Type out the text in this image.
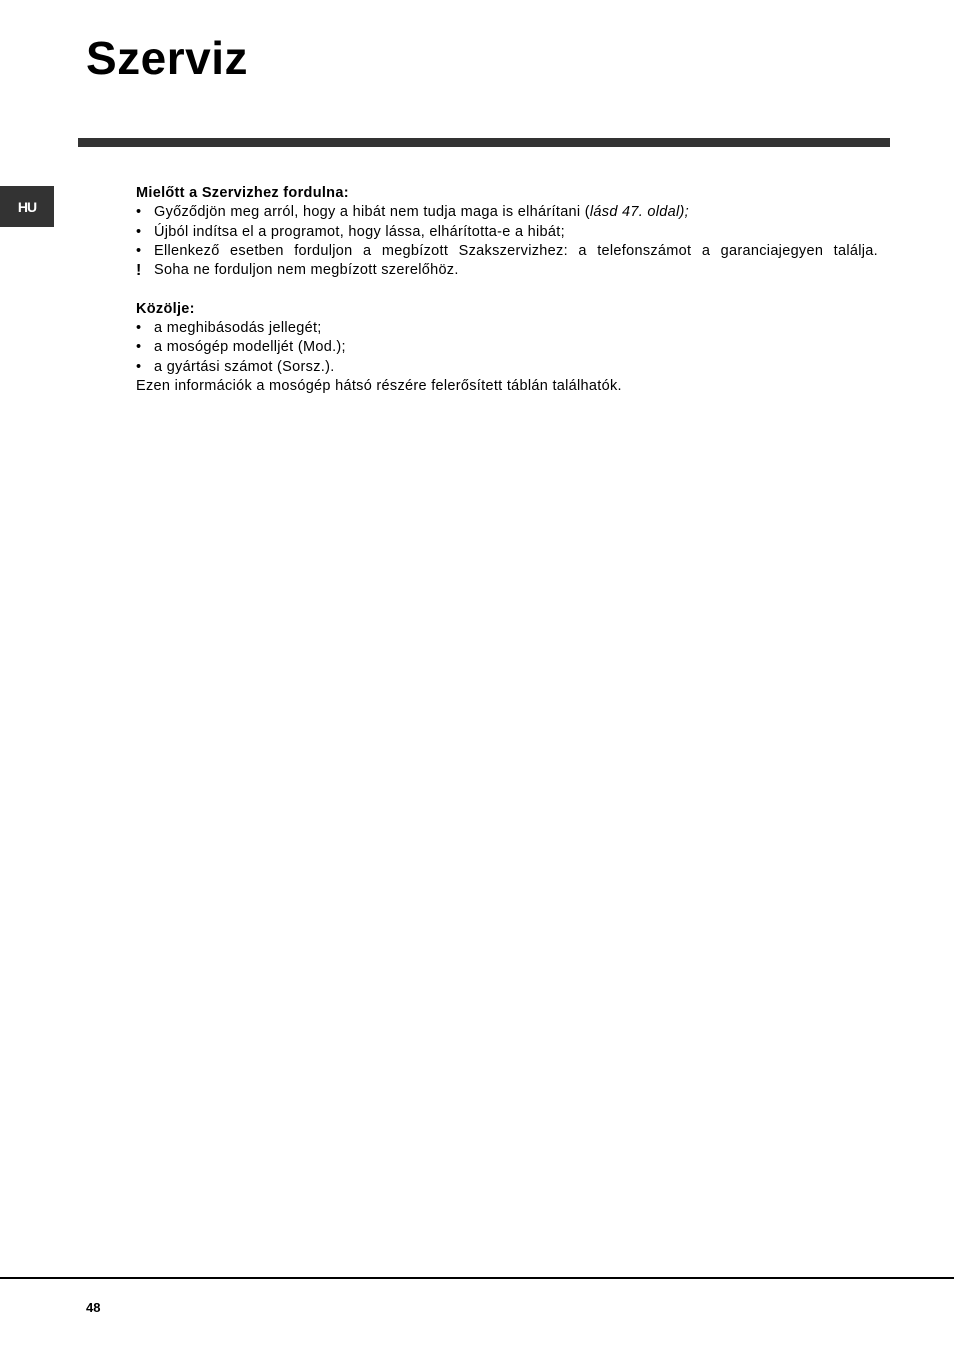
Szerviz
HU

Mielőtt a Szervizhez fordulna:

• Győződjön meg arról, hogy a hibát nem tudja maga is elhárítani (lásd 47. oldal);
• Újból indítsa el a programot, hogy lássa, elhárította-e a hibát;
• Ellenkező esetben forduljon a megbízott Szakszervizhez: a telefonszámot a garanciajegyen találja.
! Soha ne forduljon nem megbízott szerelőhöz.

Közölje:

• a meghibásodás jellegét;
• a mosógép modelljét (Mod.);
• a gyártási számot (Sorsz.).
Ezen információk a mosógép hátsó részére felerősített táblán találhatók.
48
